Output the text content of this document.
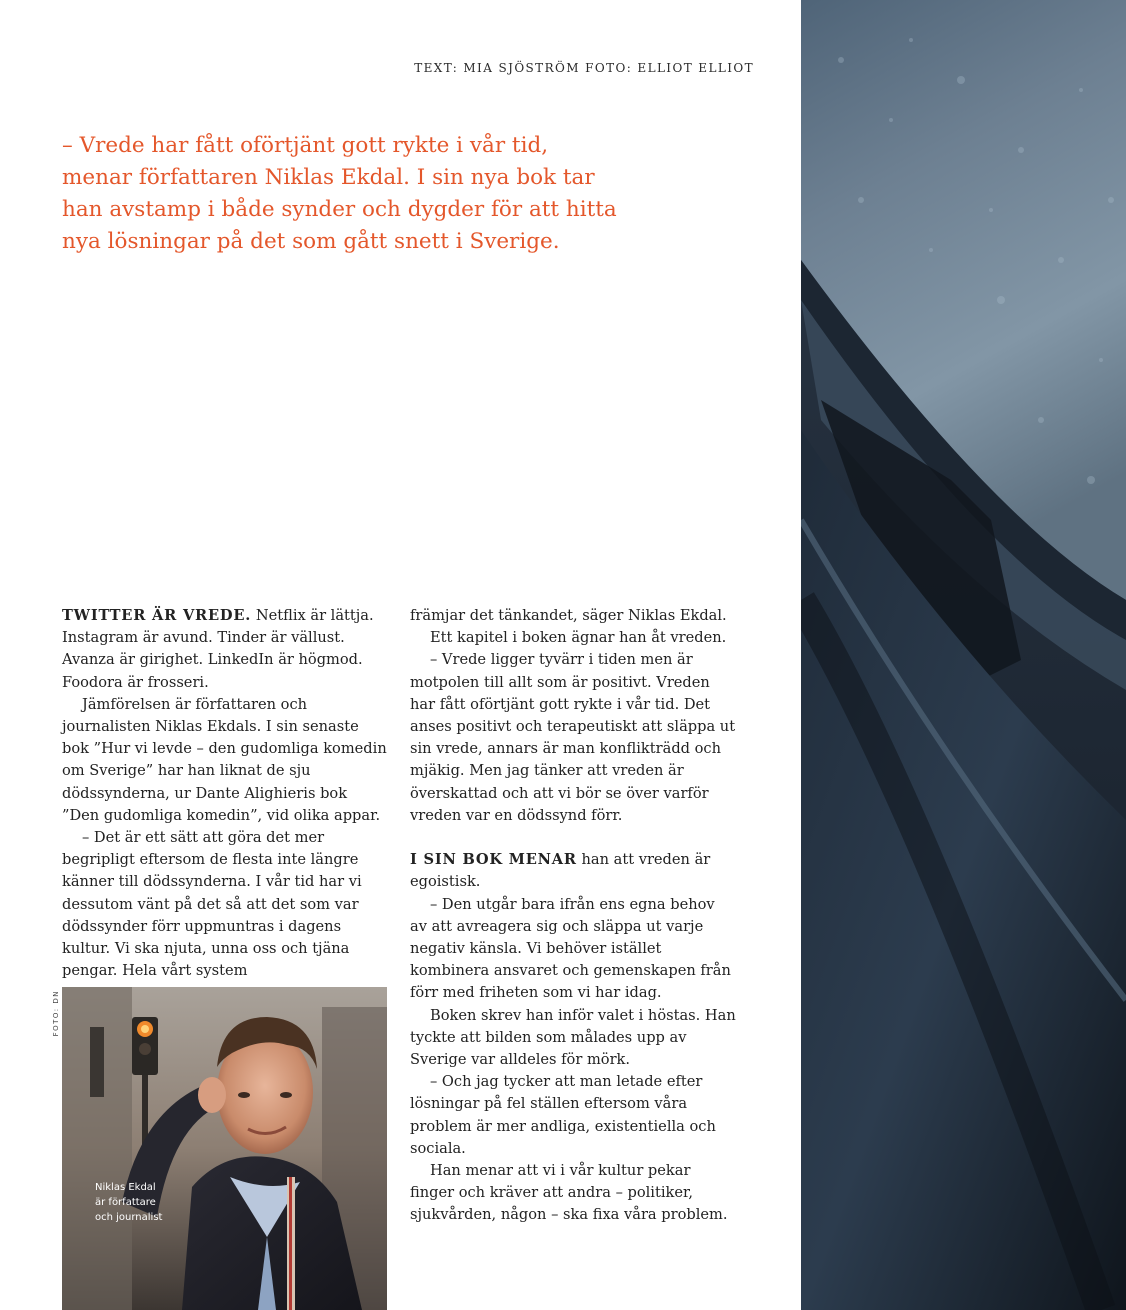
TEXT: MIA SJÖSTRÖM FOTO: ELLIOT ELLIOT
– Vrede har fått oförtjänt gott rykte i vår tid,
menar författaren Niklas Ekdal. I sin nya bok tar
han avstamp i både synder och dygder för att hitta
nya lösningar på det som gått snett i Sverige.

TWITTER ÄR VREDE. Netflix är lättja. Instagram är avund. Tinder är vällust. Avanza är girighet. LinkedIn är högmod. Foodora är frosseri.

Jämförelsen är författaren och journalisten Niklas Ekdals. I sin senaste bok ”Hur vi levde – den gudomliga komedin om Sverige” har han liknat de sju dödssynderna, ur Dante Alighieris bok ”Den gudomliga komedin”, vid olika appar.

– Det är ett sätt att göra det mer begripligt eftersom de flesta inte längre känner till dödssynderna. I vår tid har vi dessutom vänt på det så att det som var dödssynder förr uppmuntras i dagens kultur. Vi ska njuta, unna oss och tjäna pengar. Hela vårt system

främjar det tänkandet, säger Niklas Ekdal.

Ett kapitel i boken ägnar han åt vreden.

– Vrede ligger tyvärr i tiden men är motpolen till allt som är positivt. Vreden har fått oförtjänt gott rykte i vår tid. Det anses positivt och terapeutiskt att släppa ut sin vrede, annars är man konflikträdd och mjäkig. Men jag tänker att vreden är överskattad och att vi bör se över varför vreden var en dödssynd förr.

I SIN BOK MENAR han att vreden är egoistisk.

– Den utgår bara ifrån ens egna behov av att avreagera sig och släppa ut varje negativ känsla. Vi behöver istället kombinera ansvaret och gemenskapen från förr med friheten som vi har idag.

Boken skrev han inför valet i höstas. Han tyckte att bilden som målades upp av Sverige var alldeles för mörk.

– Och jag tycker att man letade efter lösningar på fel ställen eftersom våra problem är mer andliga, existentiella och sociala.

Han menar att vi i vår kultur pekar finger och kräver att andra – politiker, sjukvården, någon – ska fixa våra problem.

FOTO: DN
Niklas Ekdal
är författare
och journalist
